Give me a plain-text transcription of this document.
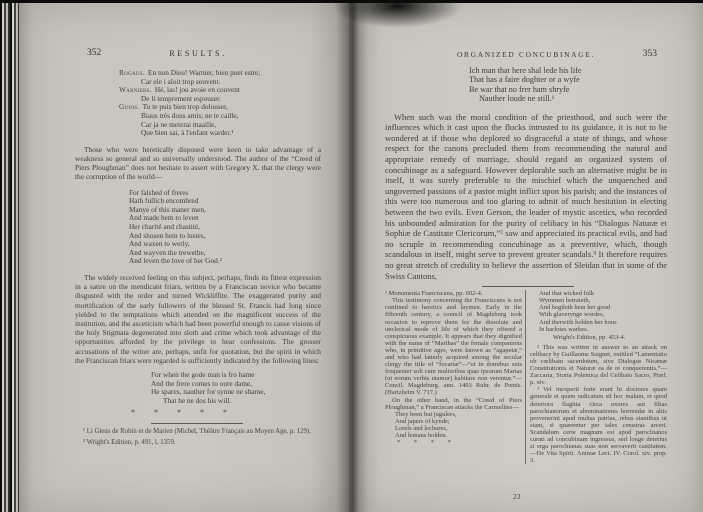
352	RESULTS.
Rogaus. En non Dieu! Warnier, bien puet estre;
Car ele i aloit trop souvent.
Warniers. Hé, las! jou avoie en couvent
De li temprement espouser.
Guios. Tu te puis bien trop dolouser,
Biaus très dous amis; ne te caille,
Car ja ne meterai maaille,
Que bien sai, à l'enfant warder.¹

Those who were heretically disposed were keen to take advantage of a weakness so general and so universally understood. The author of the “Creed of Piers Ploughman” does not hesitate to assert with Gregory X. that the clergy were the corruption of the world—

For falshed of freres
Hath fullich encombred
Manye of this maner men,
And made hem to leven
Her charité and chastité,
And shosen hem to lustes,
And waxen to werly,
And wayven the trewethe,
And leven the love of her God.²

The widely received feeling on this subject, perhaps, finds its fittest expression in a satire on the mendicant friars, written by a Franciscan novice who became disgusted with the order and turned Wickliffite. The exaggerated purity and mortification of the early followers of the blessed St. Francis had long since yielded to the temptations which attended on the magnificent success of the institution, and the asceticism which had been powerful enough to cause visions of the holy Stigmata degenerated into sloth and crime which took advantage of the opportunities afforded by the privilege to hear confessions. The grosser accusations of the writer are, perhaps, unfit for quotation, but the spirit in which the Franciscan friars were regarded is sufficiently indicated by the following lines:

For when the gode man is fro hame
And the frere comes to oure dame,
He spares, nauther for synne ne shame,
That he ne dos his will.
* * * * *
¹ Li Gieus de Robin et de Marien (Michel, Théâtre Français au Moyen Age, p. 129).
² Wright's Edition, p. 491, l. 1359.
ORGANIZED CONCUBINAGE.	353
Ich man that here shal lede his life
That has a faire doghter or a wyfe
Be war that no frer ham shryfe
Nauther loude ne still.¹

When such was the moral condition of the priesthood, and such were the influences which it cast upon the flocks intrusted to its guidance, it is not to be wondered at if those who deplored so disgraceful a state of things, and whose respect for the canons precluded them from recommending the natural and appropriate remedy of marriage, should regard an organized system of concubinage as a safeguard. However deplorable such an alternative might be in itself, it was surely preferable to the mischief which the unquenched and ungoverned passions of a pastor might inflict upon his parish; and the instances of this were too numerous and too glaring to admit of much hesitation in electing between the two evils. Even Gerson, the leader of mystic ascetics, who recorded his unbounded admiration for the purity of celibacy in his “Dialogus Naturæ et Sophiæ de Castitate Clericorum,”² saw and appreciated its practical evils, and had no scruple in recommending concubinage as a preventive, which, though scandalous in itself, might serve to prevent greater scandals.³ It therefore requires no great stretch of credulity to believe the assertion of Sleidan that in some of the Swiss Cantons,

¹ Monumenta Franciscana, pp. 602-4.
This testimony concerning the Franciscans is not confined to heretics and laymen. Early in the fifteenth century, a council of Magdeburg took occasion to reprove them for the dissolute and unclerical mode of life of which they offered a conspicuous example. It appears that they dignified with the name of “Marthas” the female companions who, in primitive ages, were known as “agapetæ,” and who had latterly acquired among the secular clergy the title of “focariæ”—“et in domibus suis frequenter soli cum mulieribus quas ipsorum Martas (ut eorum verbis utamur) habitare non verentur.”—Concil. Magdeburg. ann. 1403 Rubr. de Pœnis. (Hartzheim V. 717.)
On the other hand, in the “Creed of Piers Ploughman,” a Franciscan attacks the Carmelites—
They been but jugulers,
And japers of kynde;
Lorels and lechures,
And lemans holden.
* * * *
And that wicked folk
Wymmen betraieth,
And begileth hem her good
With glaverynge wordes,
And therwith holden her hous
In harlotes warkes.
Wright's Edition, pp. 453-4.
² This was written in answer to an attack on celibacy by Guillaume Saignet, entitled “Lamentatio ob cœlibatu sacerdotum, sive Dialogus Nicænæ Constitutionis et Naturæ ea de re conquerentis.”—Zaccaria, Storia Polemica del Celibato Sacro, Præf. p. xiv.
³ Vel inexperti forte erant hi doctores quam generale et quam radicatum sit hoc malum, et quod deteriora flagitia circa uxores aut filias parochianorum et abominationes horrendæ in aliis provenerint apud multas patrias, rebus stantibus ut stant, si quærentur per tales censuras arceri. Scandalum certe magnum est apud parochianos curati ad concubinam ingressus, sed longe deterius si erga parochianas suas non servaverit castitatem.—De Vita Spirit. Animæ Lect. IV. Corol. xiv. prop. 3.
23
